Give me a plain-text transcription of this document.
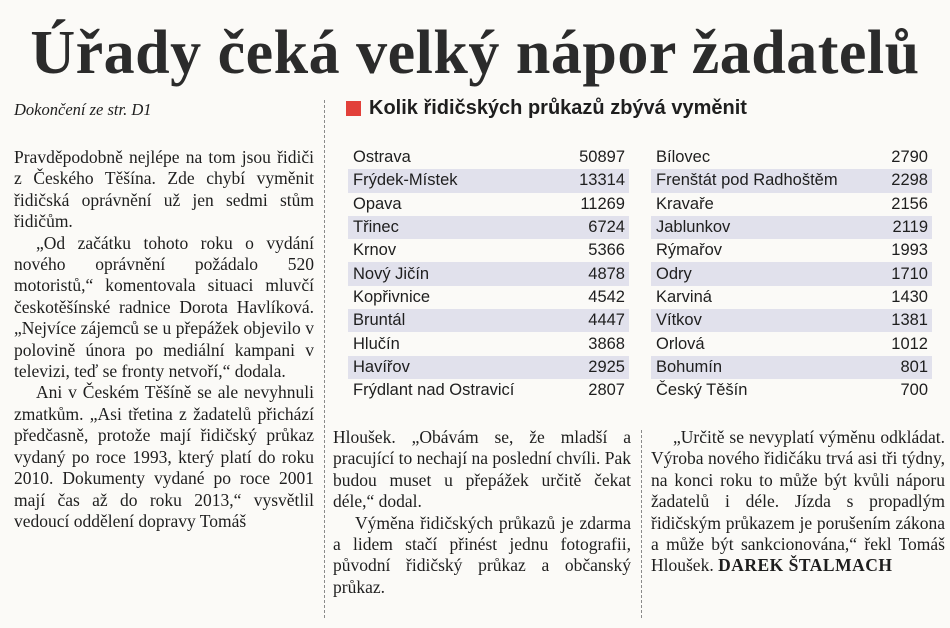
Úřady čeká velký nápor žadatelů
Dokončení ze str. D1

Pravděpodobně nejlépe na tom jsou řidiči z Českého Těšína. Zde chybí vyměnit řidičská oprávnění už jen sedmi stům řidičům.

„Od začátku tohoto roku o vydání nového oprávnění požádalo 520 motoristů,“ komentovala situaci mluvčí českotěšínské radnice Dorota Havlíková. „Nejvíce zájemců se u přepážek objevilo v polovině února po mediální kampani v televizi, teď se fronty netvoří,“ dodala.

Ani v Českém Těšíně se ale nevyhnuli zmatkům. „Asi třetina z žadatelů přichází předčasně, protože mají řidičský průkaz vydaný po roce 1993, který platí do roku 2010. Dokumenty vydané po roce 2001 mají čas až do roku 2013,“ vysvětlil vedoucí oddělení dopravy Tomáš

Kolik řidičských průkazů zbývá vyměnit
Ostrava	50897
Frýdek-Místek	13314
Opava	11269
Třinec	6724
Krnov	5366
Nový Jičín	4878
Kopřivnice	4542
Bruntál	4447
Hlučín	3868
Havířov	2925
Frýdlant nad Ostravicí	2807
Bílovec	2790
Frenštát pod Radhoštěm	2298
Kravaře	2156
Jablunkov	2119
Rýmařov	1993
Odry	1710
Karviná	1430
Vítkov	1381
Orlová	1012
Bohumín	801
Český Těšín	700

Hloušek. „Obávám se, že mladší a pracující to nechají na poslední chvíli. Pak budou muset u přepážek určitě čekat déle,“ dodal.

Výměna řidičských průkazů je zdarma a lidem stačí přinést jednu fotografii, původní řidičský průkaz a občanský průkaz.

„Určitě se nevyplatí výměnu odkládat. Výroba nového řidičáku trvá asi tři týdny, na konci roku to může být kvůli náporu žadatelů i déle. Jízda s propadlým řidičským průkazem je porušením zákona a může být sankcionována,“ řekl Tomáš Hloušek. DAREK ŠTALMACH
